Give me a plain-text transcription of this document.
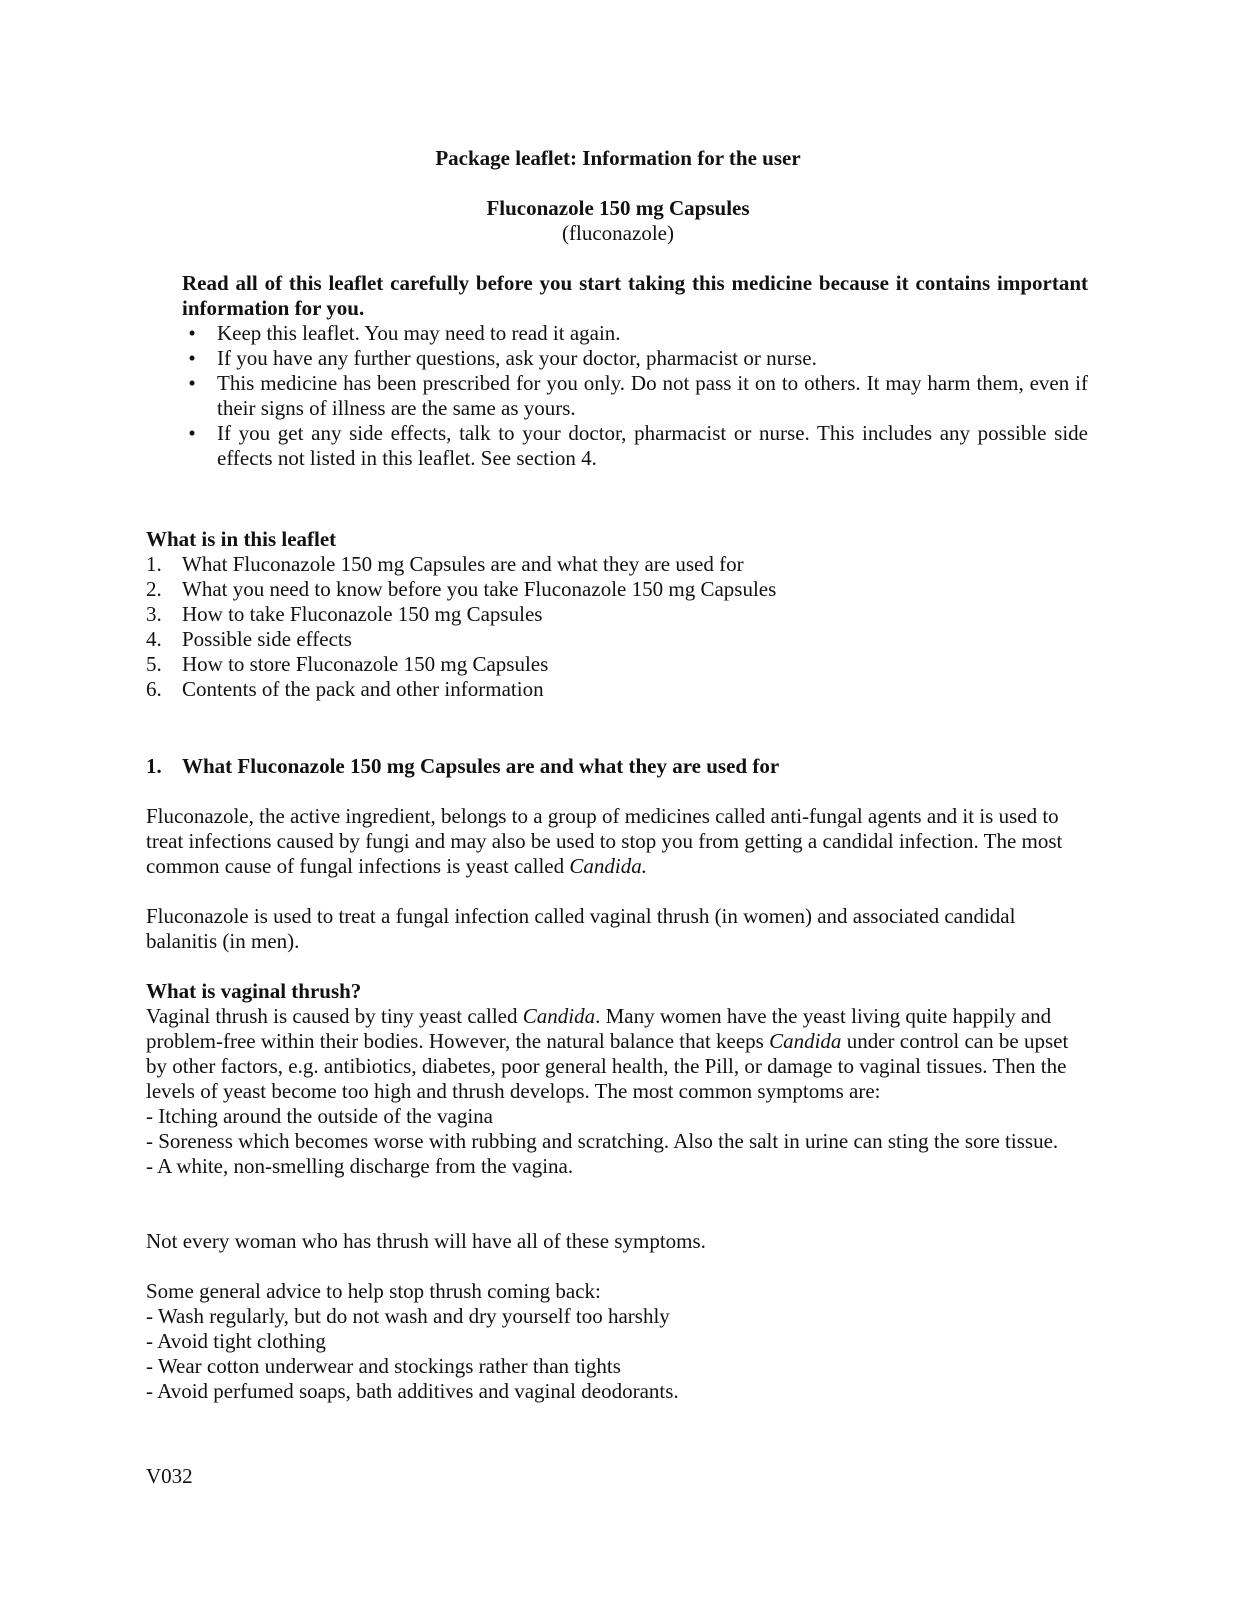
Package leaflet: Information for the user
Fluconazole 150 mg Capsules
(fluconazole)

Read all of this leaflet carefully before you start taking this medicine because it contains important information for you.

•	Keep this leaflet. You may need to read it again.
•	If you have any further questions, ask your doctor, pharmacist or nurse.
•	This medicine has been prescribed for you only. Do not pass it on to others. It may harm them, even if their signs of illness are the same as yours.
•	If you get any side effects, talk to your doctor, pharmacist or nurse. This includes any possible side effects not listed in this leaflet. See section 4.
What is in this leaflet
1. What Fluconazole 150 mg Capsules are and what they are used for
2. What you need to know before you take Fluconazole 150 mg Capsules
3. How to take Fluconazole 150 mg Capsules
4. Possible side effects
5. How to store Fluconazole 150 mg Capsules
6. Contents of the pack and other information
1. What Fluconazole 150 mg Capsules are and what they are used for

Fluconazole, the active ingredient, belongs to a group of medicines called anti-fungal agents and it is used to treat infections caused by fungi and may also be used to stop you from getting a candidal infection. The most common cause of fungal infections is yeast called Candida.

Fluconazole is used to treat a fungal infection called vaginal thrush (in women) and associated candidal balanitis (in men).

What is vaginal thrush?
Vaginal thrush is caused by tiny yeast called Candida. Many women have the yeast living quite happily and problem-free within their bodies. However, the natural balance that keeps Candida under control can be upset by other factors, e.g. antibiotics, diabetes, poor general health, the Pill, or damage to vaginal tissues. Then the levels of yeast become too high and thrush develops. The most common symptoms are:
- Itching around the outside of the vagina
- Soreness which becomes worse with rubbing and scratching. Also the salt in urine can sting the sore tissue.
- A white, non-smelling discharge from the vagina.

Not every woman who has thrush will have all of these symptoms.

Some general advice to help stop thrush coming back:
- Wash regularly, but do not wash and dry yourself too harshly
- Avoid tight clothing
- Wear cotton underwear and stockings rather than tights
- Avoid perfumed soaps, bath additives and vaginal deodorants.
V032
